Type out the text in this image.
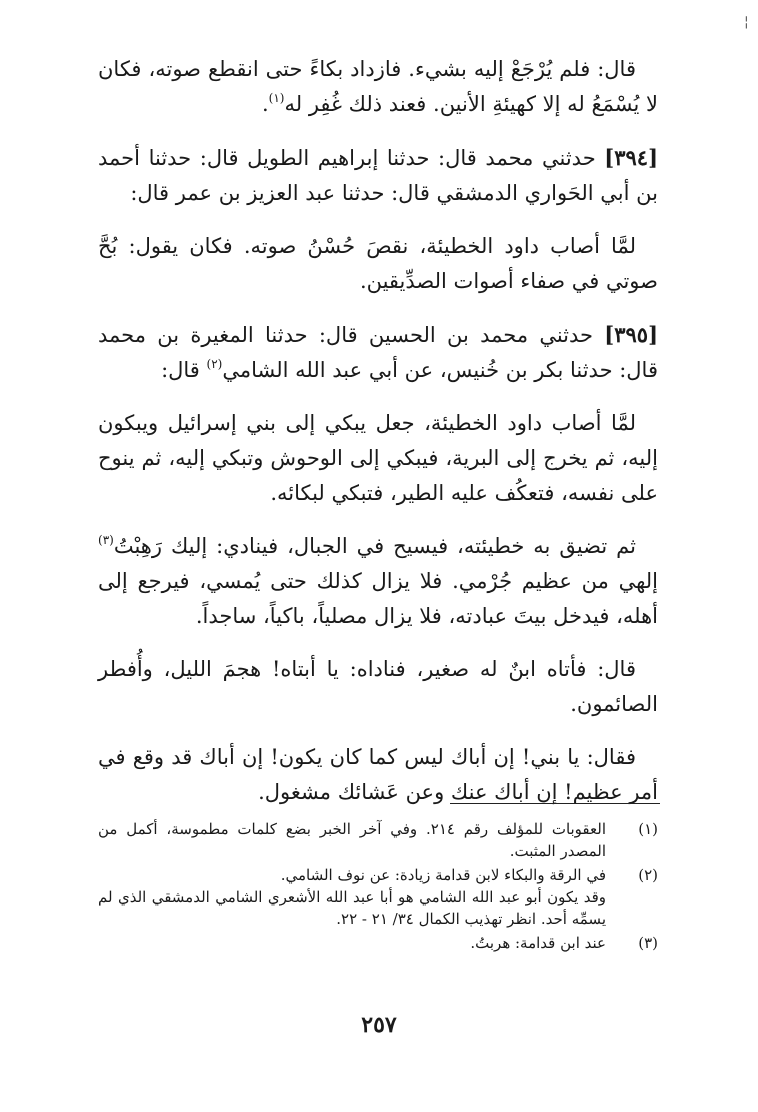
¦

قال: فلم يُرْجَعْ إليه بشيء. فازداد بكاءً حتى انقطع صوته، فكان لا يُسْمَعُ له إلا كهيئةِ الأنين. فعند ذلك غُفِر له$^{(١)}$.

[٣٩٤] حدثني محمد قال: حدثنا إبراهيم الطويل قال: حدثنا أحمد بن أبي الحَواري الدمشقي قال: حدثنا عبد العزيز بن عمر قال:

لمَّا أصاب داود الخطيئة، نقصَ حُسْنُ صوته. فكان يقول: بُحَّ صوتي في صفاء أصوات الصدِّيقين.

[٣٩٥] حدثني محمد بن الحسين قال: حدثنا المغيرة بن محمد قال: حدثنا بكر بن خُنيس، عن أبي عبد الله الشامي$^{(٢)}$ قال:

لمَّا أصاب داود الخطيئة، جعل يبكي إلى بني إسرائيل ويبكون إليه، ثم يخرج إلى البرية، فيبكي إلى الوحوش وتبكي إليه، ثم ينوح على نفسه، فتعكُف عليه الطير، فتبكي لبكائه.

ثم تضيق به خطيئته، فيسيح في الجبال، فينادي: إليك رَهِبْتُ$^{(٣)}$ إلهي من عظيم جُرْمي. فلا يزال كذلك حتى يُمسي، فيرجع إلى أهله، فيدخل بيتَ عبادته، فلا يزال مصلياً، باكياً، ساجداً.

قال: فأتاه ابنٌ له صغير، فناداه: يا أبتاه! هجمَ الليل، وأُفطر الصائمون.

فقال: يا بني! إن أباك ليس كما كان يكون! إن أباك قد وقع في أمر عظيم! إن أباك عنك وعن عَشائك مشغول.

(١)
العقوبات للمؤلف رقم ٢١٤. وفي آخر الخبر بضع كلمات مطموسة، أكمل من المصدر المثبت.
(٢)
في الرقة والبكاء لابن قدامة زيادة: عن نوف الشامي.
وقد يكون أبو عبد الله الشامي هو أبا عبد الله الأشعري الشامي الدمشقي الذي لم يسمِّه أحد. انظر تهذيب الكمال ٣٤/ ٢١ - ٢٢.
(٣)
عند ابن قدامة: هربتُ.
٢٥٧
